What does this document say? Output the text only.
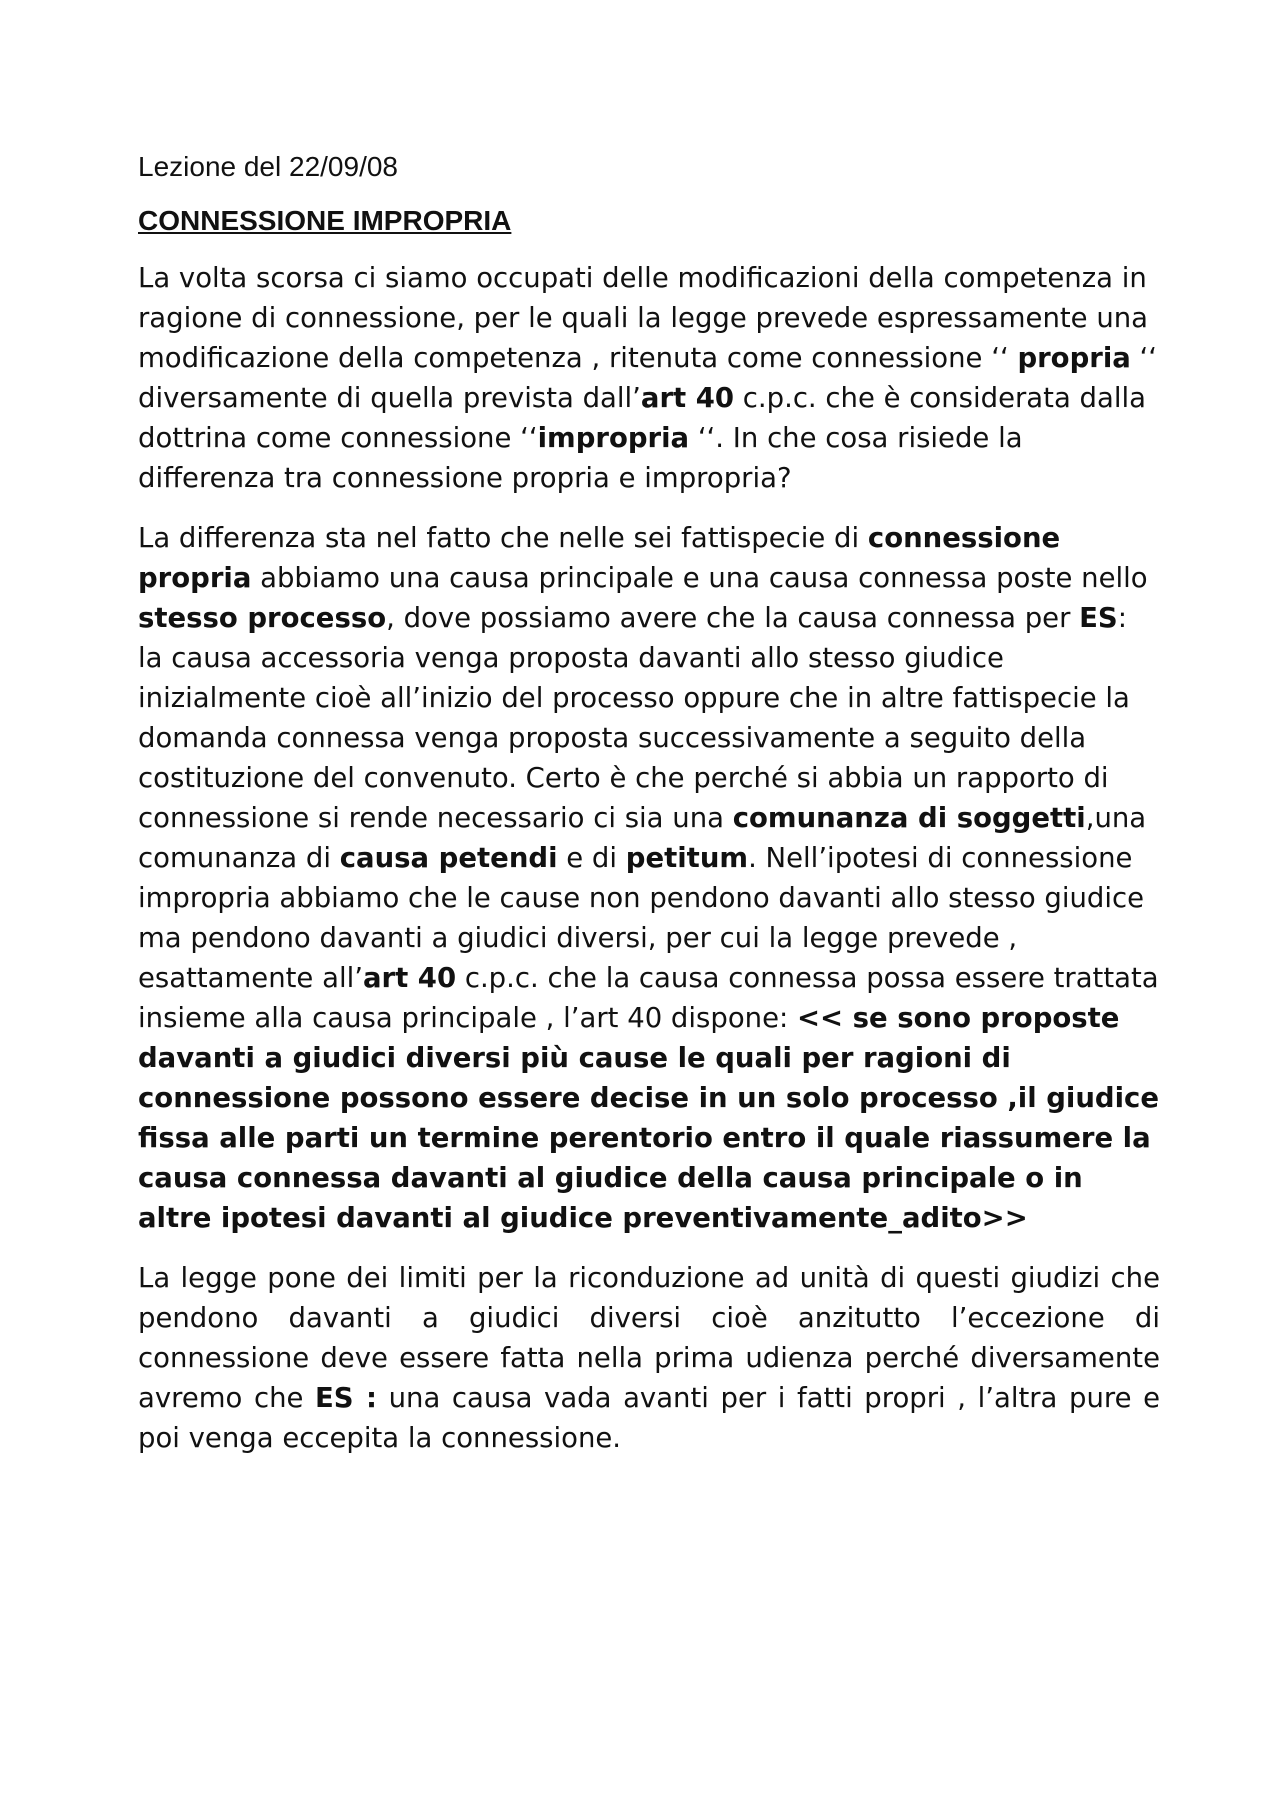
Lezione del 22/09/08

CONNESSIONE IMPROPRIA

La volta scorsa ci siamo occupati delle modificazioni della competenza in ragione di connessione, per le quali la legge prevede espressamente una modificazione della competenza , ritenuta come connessione ‘‘ propria ‘‘ diversamente di quella prevista dall’art 40 c.p.c. che è considerata dalla dottrina come connessione ‘‘impropria ‘‘. In che cosa risiede la differenza tra connessione propria e impropria?

La differenza sta nel fatto che nelle sei fattispecie di connessione propria abbiamo una causa principale e una causa connessa poste nello stesso processo, dove possiamo avere che la causa connessa per ES: la causa accessoria venga proposta davanti allo stesso giudice inizialmente cioè all’inizio del processo oppure che in altre fattispecie la domanda connessa venga proposta successivamente a seguito della costituzione del convenuto. Certo è che perché si abbia un rapporto di connessione si rende necessario ci sia una comunanza di soggetti,una comunanza di causa petendi e di petitum. Nell’ipotesi di connessione impropria abbiamo che le cause non pendono davanti allo stesso giudice ma pendono davanti a giudici diversi, per cui la legge prevede , esattamente all’art 40 c.p.c. che la causa connessa possa essere trattata insieme alla causa principale , l’art 40 dispone: << se sono proposte davanti a giudici diversi più cause le quali per ragioni di connessione possono essere decise in un solo processo ,il giudice fissa alle parti un termine perentorio entro il quale riassumere la causa connessa davanti al giudice della causa principale o in altre ipotesi davanti al giudice preventivamente_adito>>

La legge pone dei limiti per la riconduzione ad unità di questi giudizi che pendono davanti a giudici diversi cioè anzitutto l’eccezione di connessione deve essere fatta nella prima udienza perché diversamente avremo che ES : una causa vada avanti per i fatti propri , l’altra pure e poi venga eccepita la connessione.
